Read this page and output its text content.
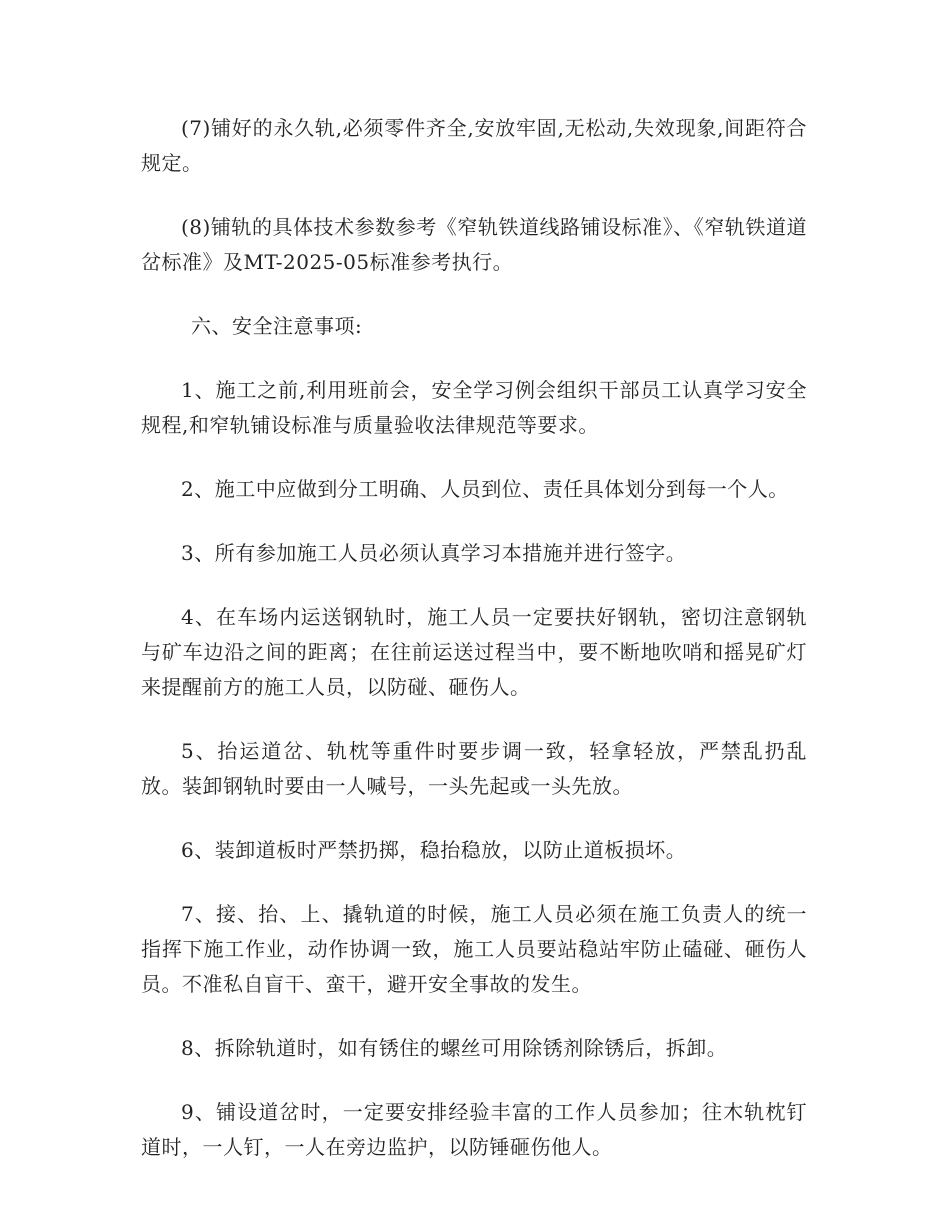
(7)铺好的永久轨,必须零件齐全,安放牢固,无松动,失效现象,间距符合规定。

(8)铺轨的具体技术参数参考《窄轨铁道线路铺设标准》、《窄轨铁道道岔标准》及MT-2025-05标准参考执行。

六、安全注意事项:

1、施工之前,利用班前会，安全学习例会组织干部员工认真学习安全规程,和窄轨铺设标准与质量验收法律规范等要求。

2、施工中应做到分工明确、人员到位、责任具体划分到每一个人。

3、所有参加施工人员必须认真学习本措施并进行签字。

4、在车场内运送钢轨时，施工人员一定要扶好钢轨，密切注意钢轨与矿车边沿之间的距离；在往前运送过程当中，要不断地吹哨和摇晃矿灯来提醒前方的施工人员，以防碰、砸伤人。

5、抬运道岔、轨枕等重件时要步调一致，轻拿轻放，严禁乱扔乱放。装卸钢轨时要由一人喊号，一头先起或一头先放。

6、装卸道板时严禁扔掷，稳抬稳放，以防止道板损坏。

7、接、抬、上、撬轨道的时候，施工人员必须在施工负责人的统一指挥下施工作业，动作协调一致，施工人员要站稳站牢防止磕碰、砸伤人员。不准私自盲干、蛮干，避开安全事故的发生。

8、拆除轨道时，如有锈住的螺丝可用除锈剂除锈后，拆卸。

9、铺设道岔时，一定要安排经验丰富的工作人员参加；往木轨枕钉道时，一人钉，一人在旁边监护，以防锤砸伤他人。
